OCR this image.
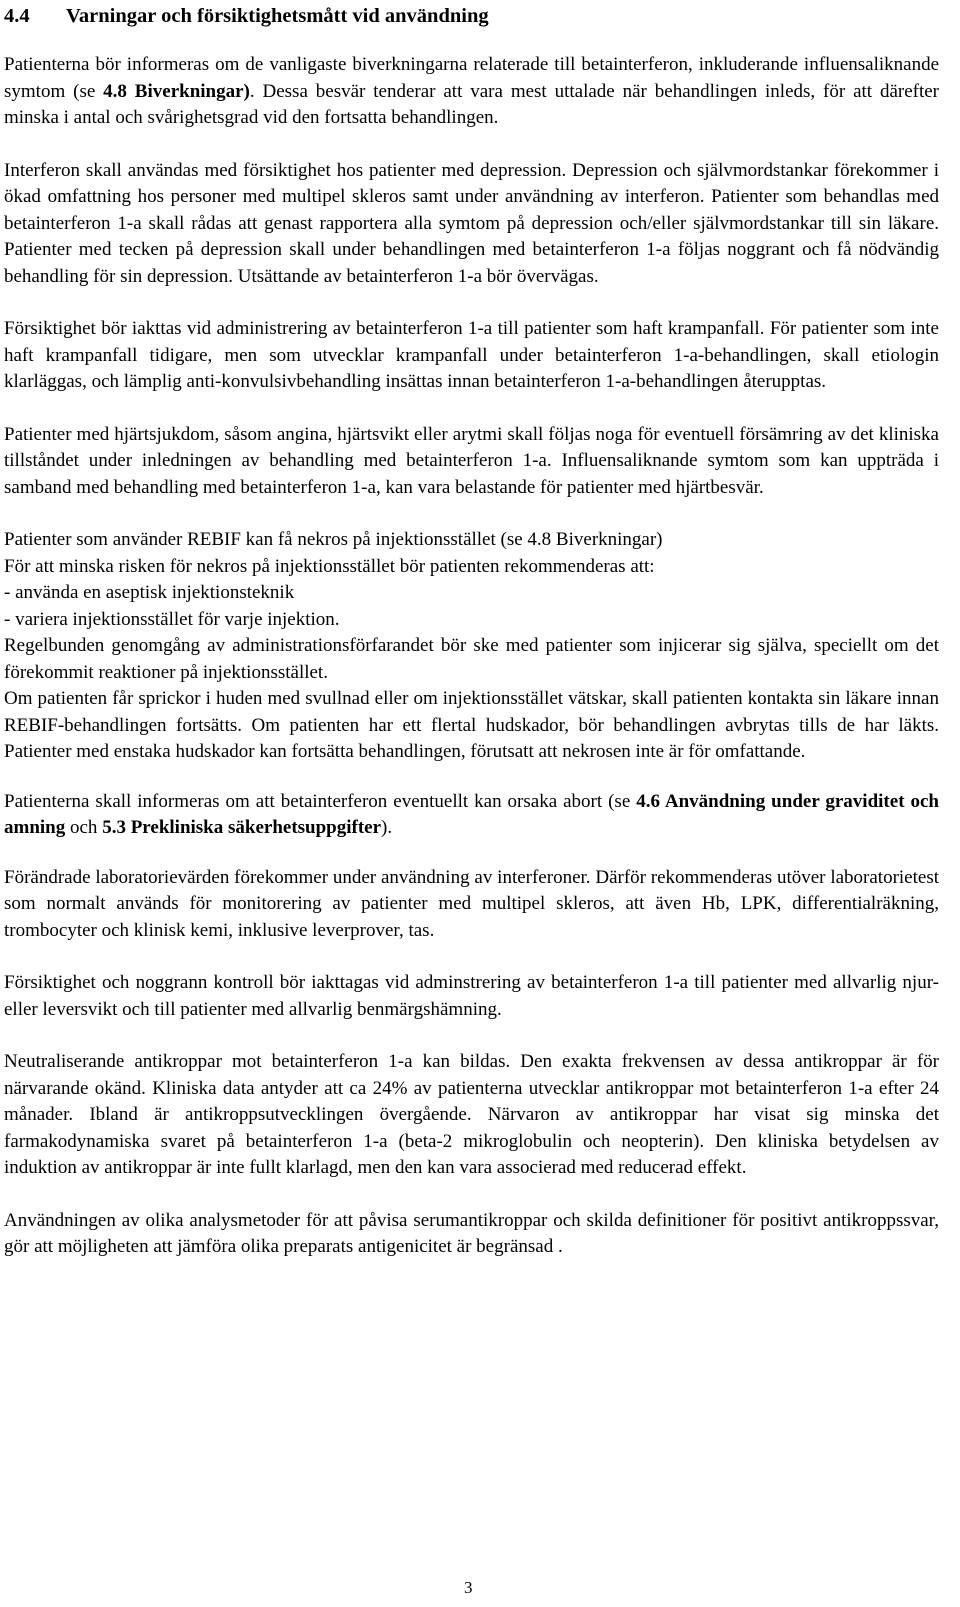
4.4	Varningar och försiktighetsmått vid användning

Patienterna bör informeras om de vanligaste biverkningarna relaterade till betainterferon, inkluderande influensaliknande symtom (se 4.8 Biverkningar). Dessa besvär tenderar att vara mest uttalade när behandlingen inleds, för att därefter minska i antal och svårighetsgrad vid den fortsatta behandlingen.

Interferon skall användas med försiktighet hos patienter med depression. Depression och självmordstankar förekommer i ökad omfattning hos personer med multipel skleros samt under användning av interferon. Patienter som behandlas med betainterferon 1-a skall rådas att genast rapportera alla symtom på depression och/eller självmordstankar till sin läkare. Patienter med tecken på depression skall under behandlingen med betainterferon 1-a följas noggrant och få nödvändig behandling för sin depression. Utsättande av betainterferon 1-a bör övervägas.

Försiktighet bör iakttas vid administrering av betainterferon 1-a till patienter som haft krampanfall. För patienter som inte haft krampanfall tidigare, men som utvecklar krampanfall under betainterferon 1-a-behandlingen, skall etiologin klarläggas, och lämplig anti-konvulsivbehandling insättas innan betainterferon 1-a-behandlingen återupptas.

Patienter med hjärtsjukdom, såsom angina, hjärtsvikt eller arytmi skall följas noga för eventuell försämring av det kliniska tillståndet under inledningen av behandling med betainterferon 1-a. Influensaliknande symtom som kan uppträda i samband med behandling med betainterferon 1-a, kan vara belastande för patienter med hjärtbesvär.

Patienter som använder REBIF kan få nekros på injektionsstället (se 4.8 Biverkningar)

För att minska risken för nekros på injektionsstället bör patienten rekommenderas att:

- använda en aseptisk injektionsteknik

- variera injektionsstället för varje injektion.

Regelbunden genomgång av administrationsförfarandet bör ske med patienter som injicerar sig själva, speciellt om det förekommit reaktioner på injektionsstället.

Om patienten får sprickor i huden med svullnad eller om injektionsstället vätskar, skall patienten kontakta sin läkare innan REBIF-behandlingen fortsätts. Om patienten har ett flertal hudskador, bör behandlingen avbrytas tills de har läkts. Patienter med enstaka hudskador kan fortsätta behandlingen, förutsatt att nekrosen inte är för omfattande.

Patienterna skall informeras om att betainterferon eventuellt kan orsaka abort (se 4.6 Användning under graviditet och amning och 5.3 Prekliniska säkerhetsuppgifter).

Förändrade laboratorievärden förekommer under användning av interferoner. Därför rekommenderas utöver laboratorietest som normalt används för monitorering av patienter med multipel skleros, att även Hb, LPK, differentialräkning, trombocyter och klinisk kemi, inklusive leverprover, tas.

Försiktighet och noggrann kontroll bör iakttagas vid adminstrering av betainterferon 1-a till patienter med allvarlig njur- eller leversvikt och till patienter med allvarlig benmärgshämning.

Neutraliserande antikroppar mot betainterferon 1-a kan bildas. Den exakta frekvensen av dessa antikroppar är för närvarande okänd. Kliniska data antyder att ca 24% av patienterna utvecklar antikroppar mot betainterferon 1-a efter 24 månader. Ibland är antikroppsutvecklingen övergående. Närvaron av antikroppar har visat sig minska det farmakodynamiska svaret på betainterferon 1-a (beta-2 mikroglobulin och neopterin). Den kliniska betydelsen av induktion av antikroppar är inte fullt klarlagd, men den kan vara associerad med reducerad effekt.

Användningen av olika analysmetoder för att påvisa serumantikroppar och skilda definitioner för positivt antikroppssvar, gör att möjligheten att jämföra olika preparats antigenicitet är begränsad .

3
